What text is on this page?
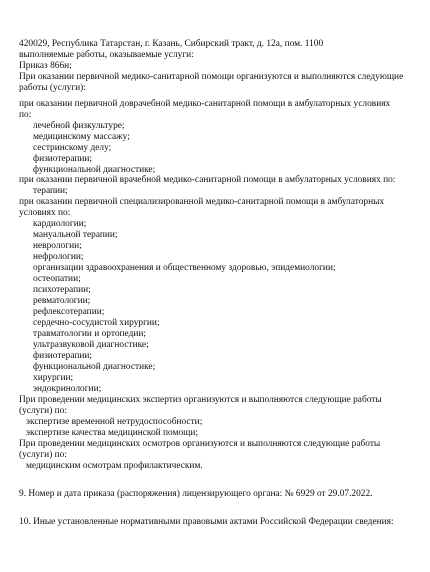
420029, Республика Татарстан, г. Казань, Сибирский тракт, д. 12а, пом. 1100
выполняемые работы, оказываемые услуги:
Приказ 866н;
При оказании первичной медико-санитарной помощи организуются и выполняются следующие
работы (услуги):
при оказании первичной доврачебной медико-санитарной помощи в амбулаторных условиях
по:
лечебной физкультуре;
медицинскому массажу;
сестринскому делу;
физиотерапии;
функциональной диагностике;
при оказании первичной врачебной медико-санитарной помощи в амбулаторных условиях по:
терапии;
при оказании первичной специализированной медико-санитарной помощи в амбулаторных
условиях по:
кардиологии;
мануальной терапии;
неврологии;
нефрологии;
организации здравоохранения и общественному здоровью, эпидемиологии;
остеопатии;
психотерапии;
ревматологии;
рефлексотерапии;
сердечно-сосудистой хирургии;
травматологии и ортопедии;
ультразвуковой диагностике;
физиотерапии;
функциональной диагностике;
хирургии;
эндокринологии;
При проведении медицинских экспертиз организуются и выполняются следующие работы
(услуги) по:
экспертизе временной нетрудоспособности;
экспертизе качества медицинской помощи;
При проведении медицинских осмотров организуются и выполняются следующие работы
(услуги) по:
медицинским осмотрам профилактическим.
9. Номер и дата приказа (распоряжения) лицензирующего органа: № 6929 от 29.07.2022.
10. Иные установленные нормативными правовыми актами Российской Федерации сведения:
